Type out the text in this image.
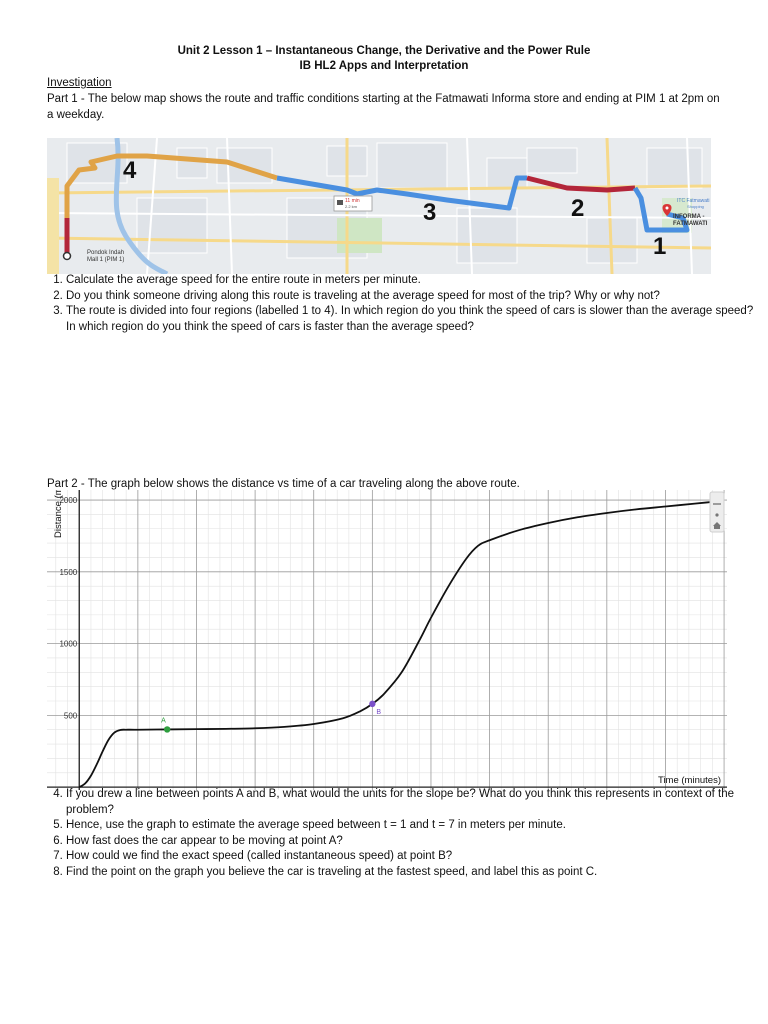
Unit 2 Lesson 1 – Instantaneous Change, the Derivative and the Power Rule
IB HL2 Apps and Interpretation
Investigation
Part 1 - The below map shows the route and traffic conditions starting at the Fatmawati Informa store and ending at PIM 1 at 2pm on a weekday.
Pondok Indah
Mall 1 (PIM 1)
INFORMA -
FATMAWATI
ITC Fatmawati
Shopping
11 min
2.2 km
4
3	2
1
1. Calculate the average speed for the entire route in meters per minute.
2. Do you think someone driving along this route is traveling at the average speed for most of the trip? Why or why not?
3. The route is divided into four regions (labelled 1 to 4). In which region do you think the speed of cars is slower than the average speed? In which region do you think the speed of cars is faster than the average speed?
Part 2 - The graph below shows the distance vs time of a car traveling along the above route.
500
1000
1500
2000
A
B
Time (minutes)
Distance (m
4. If you drew a line between points A and B, what would the units for the slope be? What do you think this represents in context of the problem?
5. Hence, use the graph to estimate the average speed between t = 1 and t = 7 in meters per minute.
6. How fast does the car appear to be moving at point A?
7. How could we find the exact speed (called instantaneous speed) at point B?
8. Find the point on the graph you believe the car is traveling at the fastest speed, and label this as point C.
